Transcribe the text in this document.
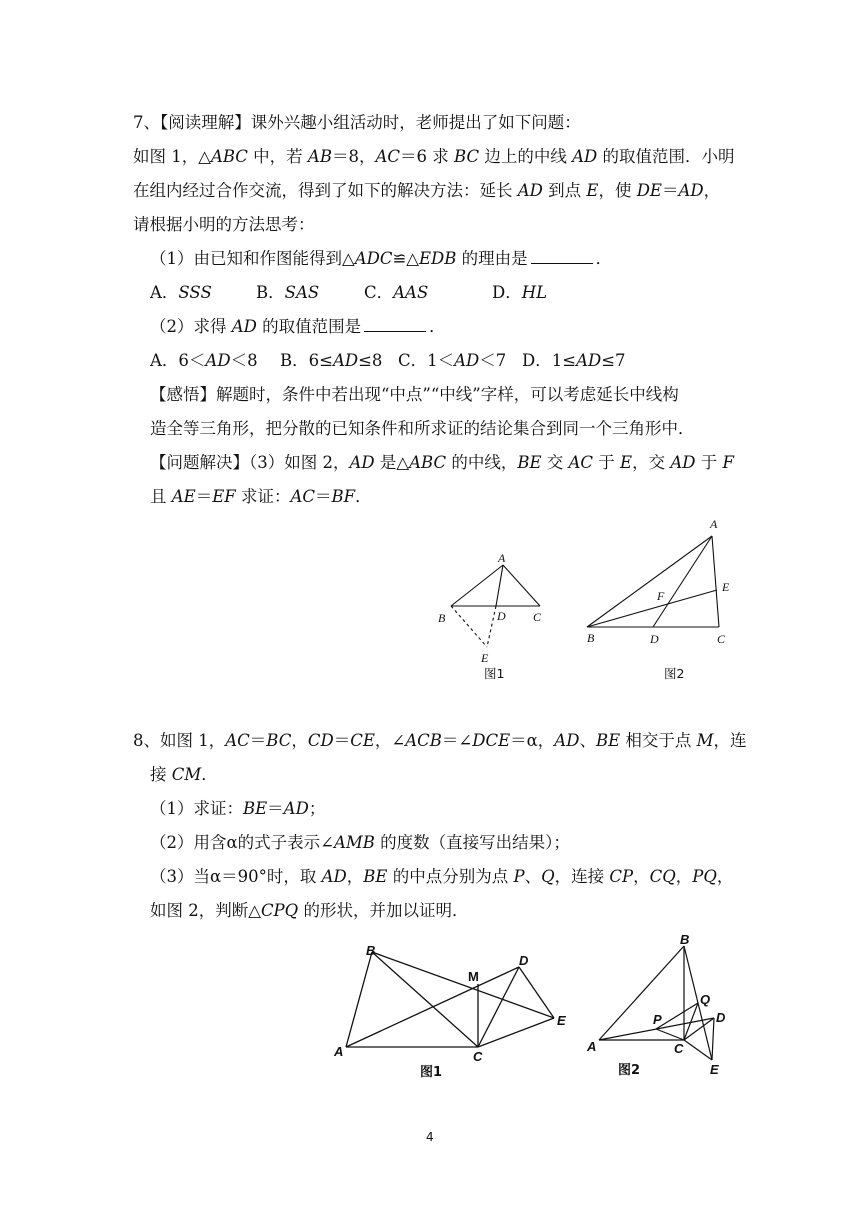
7、【阅读理解】课外兴趣小组活动时，老师提出了如下问题：
如图 1，△ABC 中，若 AB＝8，AC＝6 求 BC 边上的中线 AD 的取值范围．小明
在组内经过合作交流，得到了如下的解决方法：延长 AD 到点 E，使 DE＝AD，
请根据小明的方法思考：
（1）由已知和作图能得到△ADC≌△EDB 的理由是	．
A．SSS	B．SAS	C．AAS	D．HL
（2）求得 AD 的取值范围是	．
A．6＜AD＜8 B．6≤AD≤8 C．1＜AD＜7 D．1≤AD≤7
【感悟】解题时，条件中若出现“中点”“中线”字样，可以考虑延长中线构
造全等三角形，把分散的已知条件和所求证的结论集合到同一个三角形中．
【问题解决】（3）如图 2，AD 是△ABC 的中线，BE 交 AC 于 E，交 AD 于 F
且 AE＝EF 求证：AC＝BF．
A
B	C
D
E
图1
A
B	C
D
E
F
图2
8、如图 1，AC＝BC，CD＝CE，∠ACB＝∠DCE＝α，AD、BE 相交于点 M，连
接 CM．
（1）求证：BE＝AD；
（2）用含α的式子表示∠AMB 的度数（直接写出结果）；
（3）当α＝90°时，取 AD，BE 的中点分别为点 P、Q，连接 CP，CQ，PQ，
如图 2，判断△CPQ 的形状，并加以证明．
A
B
C
D
E
M
图1
A
B
C
D
E
P
Q
图2
4
